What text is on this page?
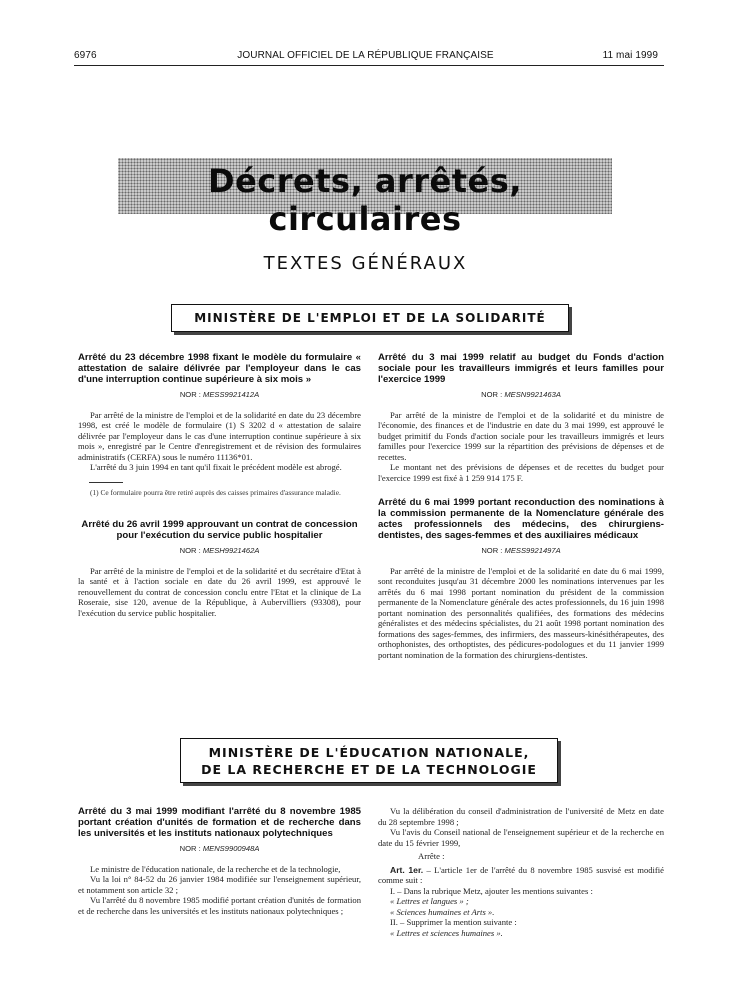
6976	JOURNAL OFFICIEL DE LA RÉPUBLIQUE FRANÇAISE	11 mai 1999
Décrets, arrêtés, circulaires
TEXTES GÉNÉRAUX
MINISTÈRE DE L'EMPLOI ET DE LA SOLIDARITÉ
Arrêté du 23 décembre 1998 fixant le modèle du formulaire « attestation de salaire délivrée par l'employeur dans le cas d'une interruption continue supérieure à six mois »
NOR : MESS9921412A

Par arrêté de la ministre de l'emploi et de la solidarité en date du 23 décembre 1998, est créé le modèle de formulaire (1) S 3202 d « attestation de salaire délivrée par l'employeur dans le cas d'une interruption continue supérieure à six mois », enregistré par le Centre d'enregistrement et de révision des formulaires administratifs (CERFA) sous le numéro 11136*01.

L'arrêté du 3 juin 1994 en tant qu'il fixait le précédent modèle est abrogé.

(1) Ce formulaire pourra être retiré auprès des caisses primaires d'assurance maladie.

Arrêté du 26 avril 1999 approuvant un contrat de concession pour l'exécution du service public hospitalier
NOR : MESH9921462A

Par arrêté de la ministre de l'emploi et de la solidarité et du secrétaire d'Etat à la santé et à l'action sociale en date du 26 avril 1999, est approuvé le renouvellement du contrat de concession conclu entre l'Etat et la clinique de La Roseraie, sise 120, avenue de la République, à Aubervilliers (93308), pour l'exécution du service public hospitalier.

Arrêté du 3 mai 1999 relatif au budget du Fonds d'action sociale pour les travailleurs immigrés et leurs familles pour l'exercice 1999
NOR : MESN9921463A

Par arrêté de la ministre de l'emploi et de la solidarité et du ministre de l'économie, des finances et de l'industrie en date du 3 mai 1999, est approuvé le budget primitif du Fonds d'action sociale pour les travailleurs immigrés et leurs familles pour l'exercice 1999 sur la répartition des prévisions de dépenses et de recettes.

Le montant net des prévisions de dépenses et de recettes du budget pour l'exercice 1999 est fixé à 1 259 914 175 F.

Arrêté du 6 mai 1999 portant reconduction des nominations à la commission permanente de la Nomenclature générale des actes professionnels des médecins, des chirurgiens-dentistes, des sages-femmes et des auxiliaires médicaux
NOR : MESS9921497A

Par arrêté de la ministre de l'emploi et de la solidarité en date du 6 mai 1999, sont reconduites jusqu'au 31 décembre 2000 les nominations intervenues par les arrêtés du 6 mai 1998 portant nomination du président de la commission permanente de la Nomenclature générale des actes professionnels, du 16 juin 1998 portant nomination des personnalités qualifiées, des formations des médecins généralistes et des médecins spécialistes, du 21 août 1998 portant nomination des formations des sages-femmes, des infirmiers, des masseurs-kinésithérapeutes, des orthophonistes, des orthoptistes, des pédicures-podologues et du 11 janvier 1999 portant nomination de la formation des chirurgiens-dentistes.

MINISTÈRE DE L'ÉDUCATION NATIONALE,
DE LA RECHERCHE ET DE LA TECHNOLOGIE
Arrêté du 3 mai 1999 modifiant l'arrêté du 8 novembre 1985 portant création d'unités de formation et de recherche dans les universités et les instituts nationaux polytechniques
NOR : MENS9900948A

Le ministre de l'éducation nationale, de la recherche et de la technologie,

Vu la loi n° 84-52 du 26 janvier 1984 modifiée sur l'enseignement supérieur, et notamment son article 32 ;

Vu l'arrêté du 8 novembre 1985 modifié portant création d'unités de formation et de recherche dans les universités et les instituts nationaux polytechniques ;

Vu la délibération du conseil d'administration de l'université de Metz en date du 28 septembre 1998 ;

Vu l'avis du Conseil national de l'enseignement supérieur et de la recherche en date du 15 février 1999,

Arrête :

Art. 1er. – L'article 1er de l'arrêté du 8 novembre 1985 susvisé est modifié comme suit :

I. – Dans la rubrique Metz, ajouter les mentions suivantes :

« Lettres et langues » ;

« Sciences humaines et Arts ».

II. – Supprimer la mention suivante :

« Lettres et sciences humaines ».
